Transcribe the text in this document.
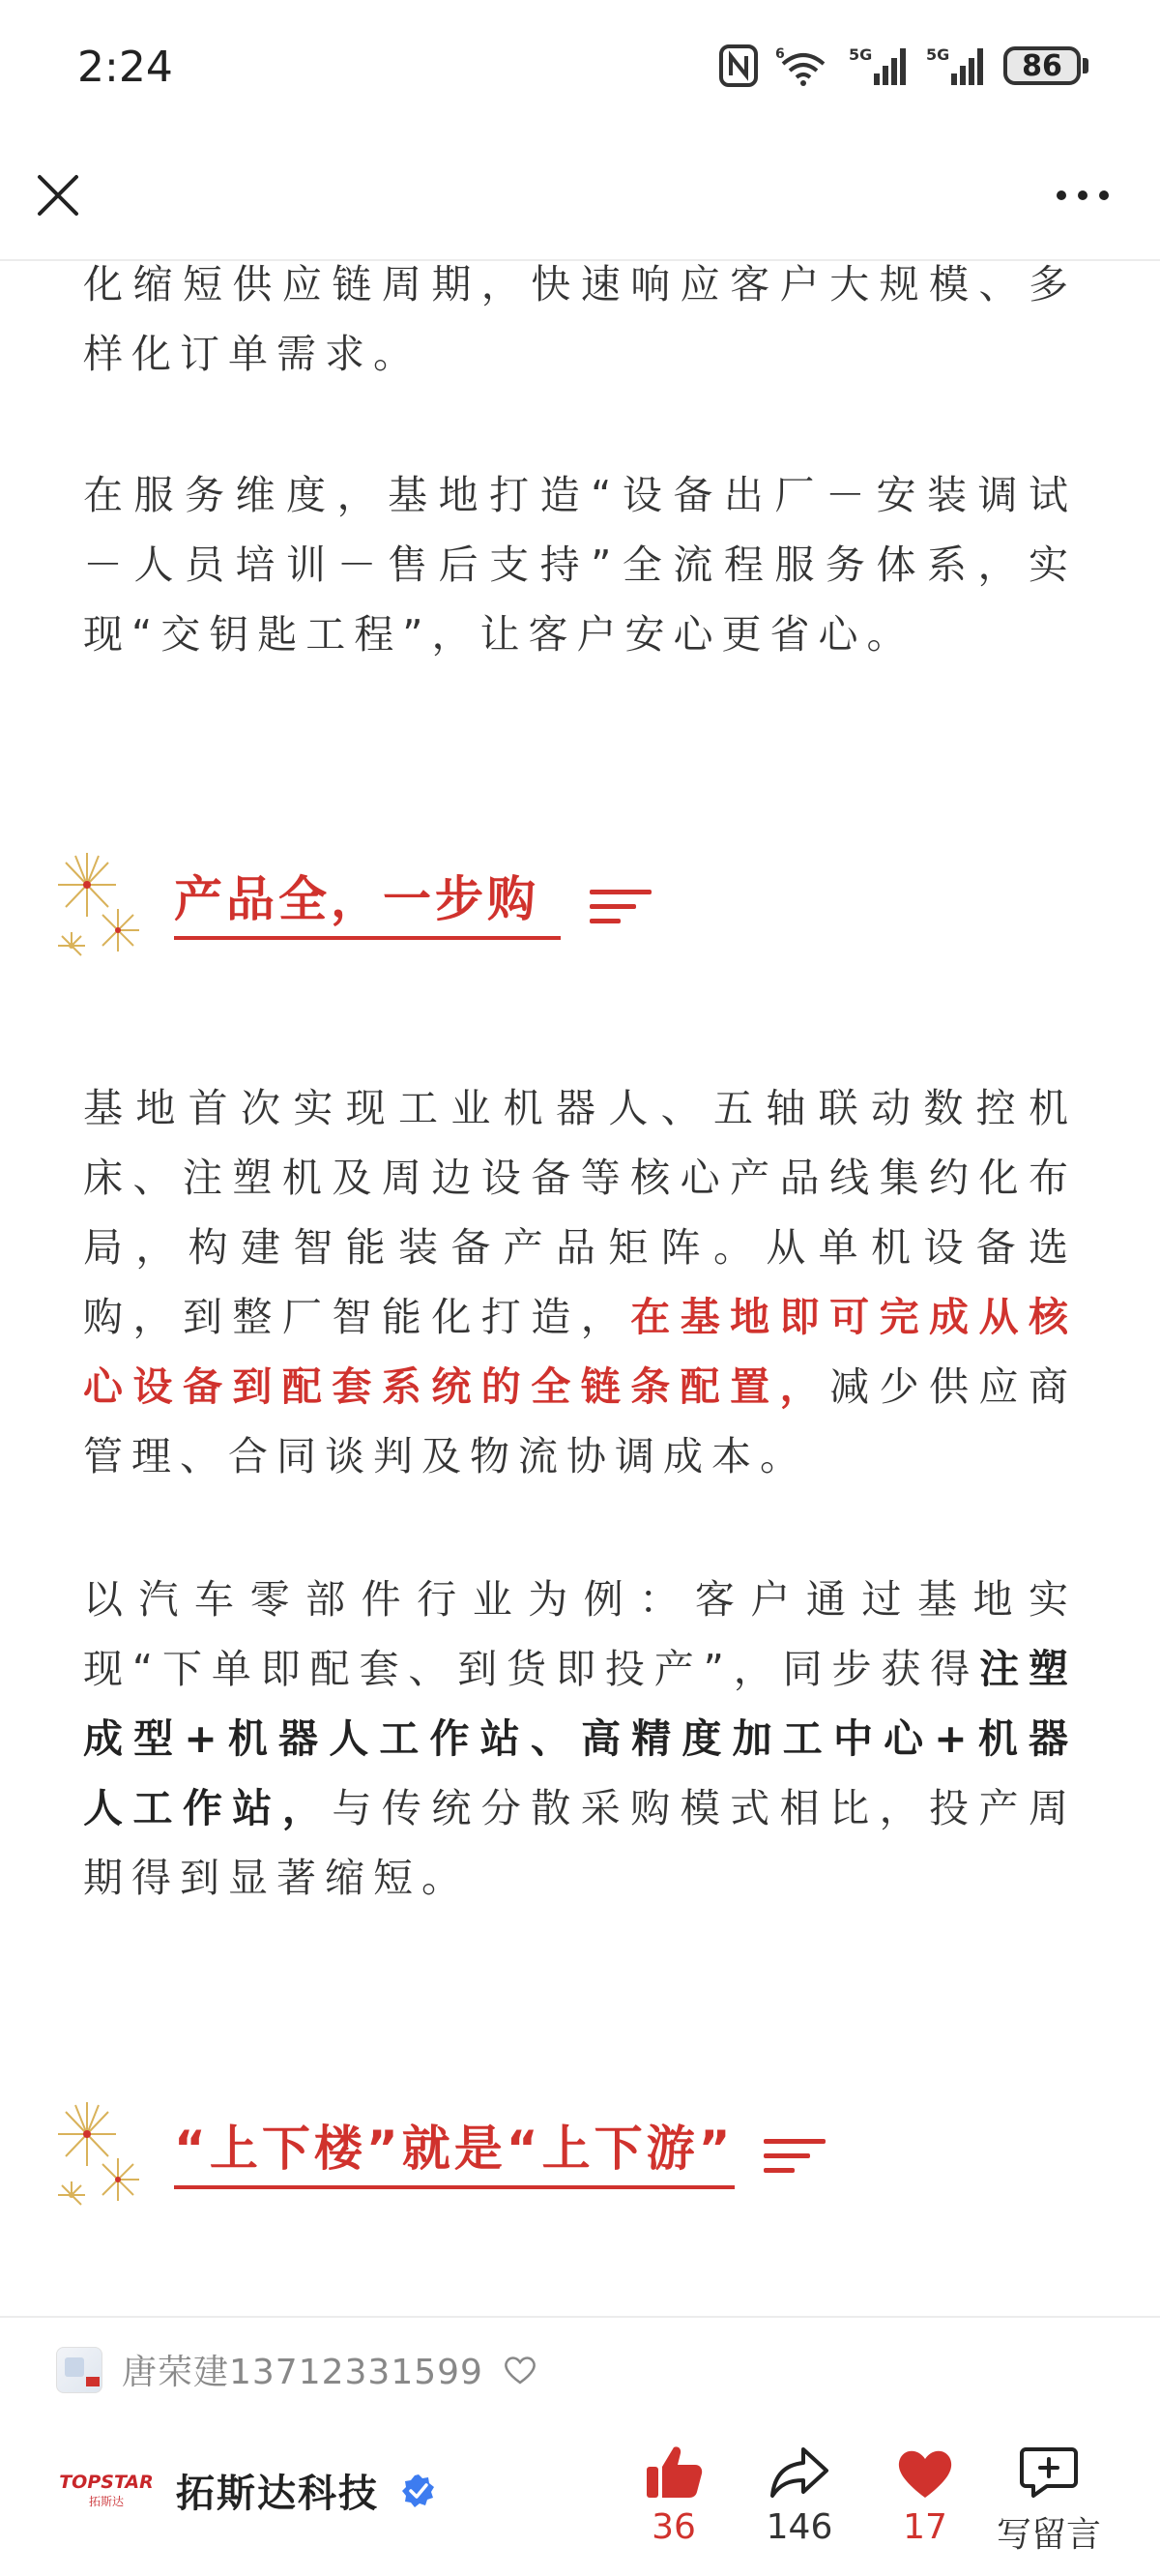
2:24	6	5G	5G	86

化缩短供应链周期，快速响应客户大规模、多样化订单需求。

在服务维度，基地打造“设备出厂－安装调试－人员培训－售后支持”全流程服务体系，实现“交钥匙工程”，让客户安心更省心。

产品全，一步购

基地首次实现工业机器人、五轴联动数控机床、注塑机及周边设备等核心产品线集约化布局，构建智能装备产品矩阵。从单机设备选购，到整厂智能化打造，在基地即可完成从核心设备到配套系统的全链条配置，减少供应商管理、合同谈判及物流协调成本。

以汽车零部件行业为例：客户通过基地实现“下单即配套、到货即投产”，同步获得注塑成型+机器人工作站、高精度加工中心+机器人工作站，与传统分散采购模式相比，投产周期得到显著缩短。

“上下楼”就是“上下游”
唐荣建13712331599
TOPSTAR
拓斯达 拓斯达科技
36 146 17 写留言
